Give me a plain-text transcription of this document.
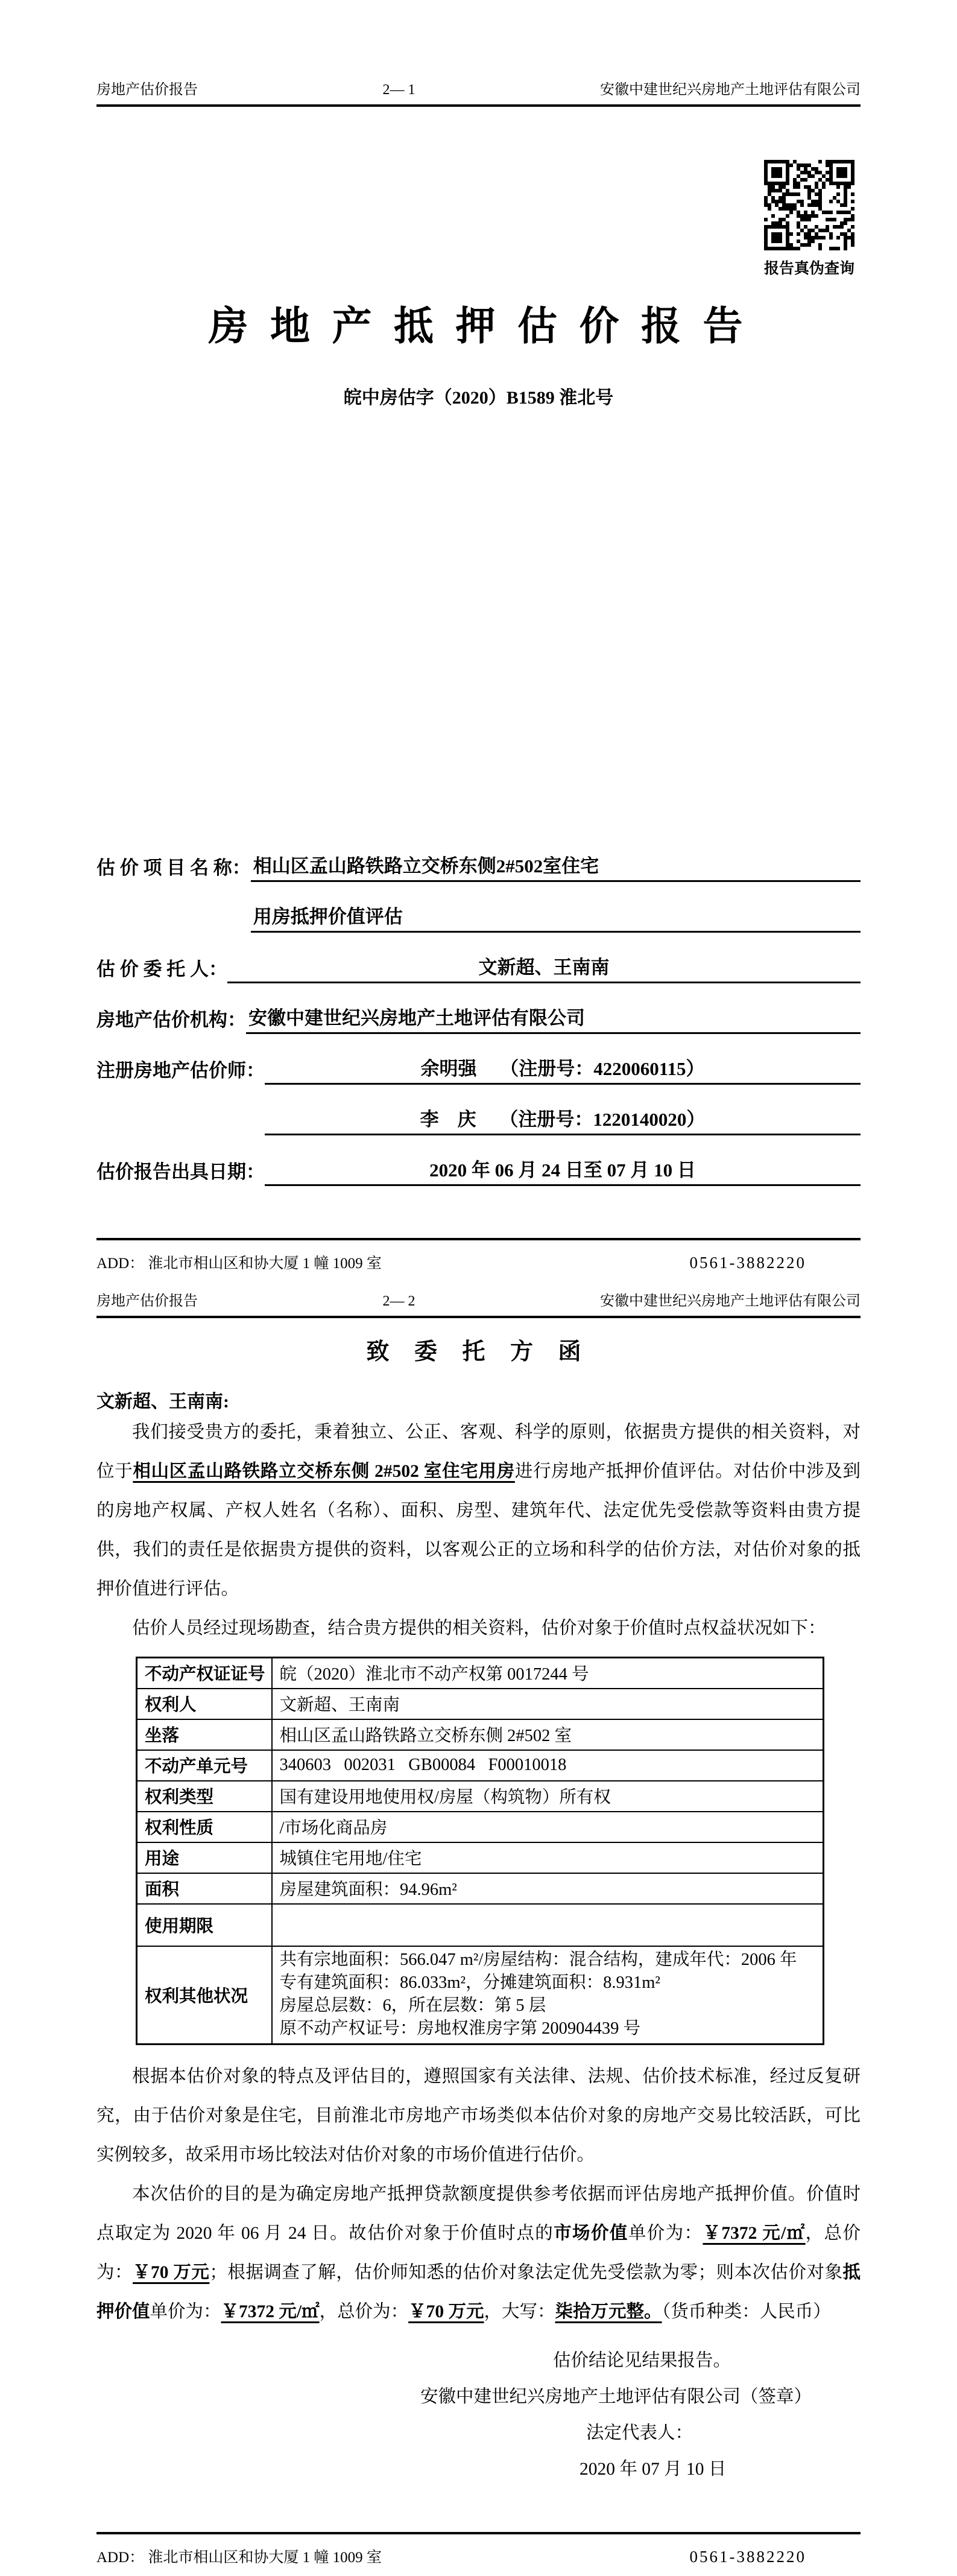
房地产估价报告	2— 1	安徽中建世纪兴房地产土地评估有限公司
报告真伪查询
房 地 产 抵 押 估 价 报 告
皖中房估字（2020）B1589 淮北号
估 价 项 目 名 称： 相山区孟山路铁路立交桥东侧2#502室住宅
用房抵押价值评估
估 价 委 托 人：	文新超、王南南
房地产估价机构： 安徽中建世纪兴房地产土地评估有限公司
注册房地产估价师：	余明强　 （注册号：4220060115）
李　庆　 （注册号：1220140020）
估价报告出具日期：	2020 年 06 月 24 日至 07 月 10 日
ADD： 淮北市相山区和协大厦 1 幢 1009 室	0561-3882220
房地产估价报告	2— 2	安徽中建世纪兴房地产土地评估有限公司
致 委 托 方 函
文新超、王南南:

我们接受贵方的委托，秉着独立、公正、客观、科学的原则，依据贵方提供的相关资料，对位于相山区孟山路铁路立交桥东侧 2#502 室住宅用房进行房地产抵押价值评估。对估价中涉及到的房地产权属、产权人姓名（名称）、面积、房型、建筑年代、法定优先受偿款等资料由贵方提供，我们的责任是依据贵方提供的资料，以客观公正的立场和科学的估价方法，对估价对象的抵押价值进行评估。

估价人员经过现场勘查，结合贵方提供的相关资料，估价对象于价值时点权益状况如下：

不动产权证证号	皖（2020）淮北市不动产权第 0017244 号
权利人	文新超、王南南
坐落	相山区孟山路铁路立交桥东侧 2#502 室
不动产单元号	340603   002031   GB00084   F00010018
权利类型	国有建设用地使用权/房屋（构筑物）所有权
权利性质	/市场化商品房
用途	城镇住宅用地/住宅
面积	房屋建筑面积：94.96m²
使用期限	
权利其他状况	共有宗地面积：566.047 m²/房屋结构：混合结构，建成年代：2006 年
专有建筑面积：86.033m²，分摊建筑面积：8.931m²
房屋总层数：6，所在层数：第 5 层
原不动产权证号：房地权淮房字第 200904439 号

根据本估价对象的特点及评估目的，遵照国家有关法律、法规、估价技术标准，经过反复研究，由于估价对象是住宅，目前淮北市房地产市场类似本估价对象的房地产交易比较活跃，可比实例较多，故采用市场比较法对估价对象的市场价值进行估价。

本次估价的目的是为确定房地产抵押贷款额度提供参考依据而评估房地产抵押价值。价值时点取定为 2020 年 06 月 24 日。故估价对象于价值时点的市场价值单价为：￥7372 元/㎡，总价为：￥70 万元；根据调查了解，估价师知悉的估价对象法定优先受偿款为零；则本次估价对象抵押价值单价为：￥7372 元/㎡，总价为：￥70 万元，大写：柒拾万元整。（货币种类：人民币）

估价结论见结果报告。
安徽中建世纪兴房地产土地评估有限公司（签章）
法定代表人：
2020 年 07 月 10 日
ADD： 淮北市相山区和协大厦 1 幢 1009 室	0561-3882220
